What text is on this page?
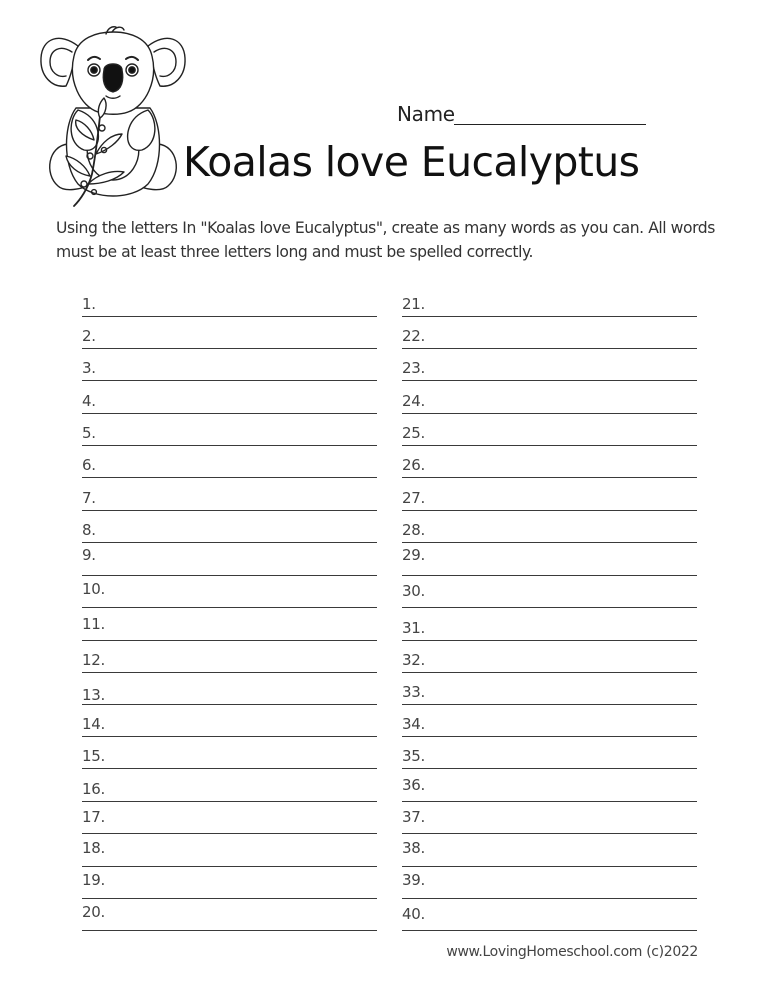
Name
Koalas love Eucalyptus
Using the letters In "Koalas love Eucalyptus", create as many words as you can. All words must be at least three letters long and must be spelled correctly.
1.
2.
3.
4.
5.
6.
7.
8.
9.
10.
11.
12.
13.
14.
15.
16.
17.
18.
19.
20.
21.
22.
23.
24.
25.
26.
27.
28.
29.
30.
31.
32.
33.
34.
35.
36.
37.
38.
39.
40.
www.LovingHomeschool.com (c)2022
